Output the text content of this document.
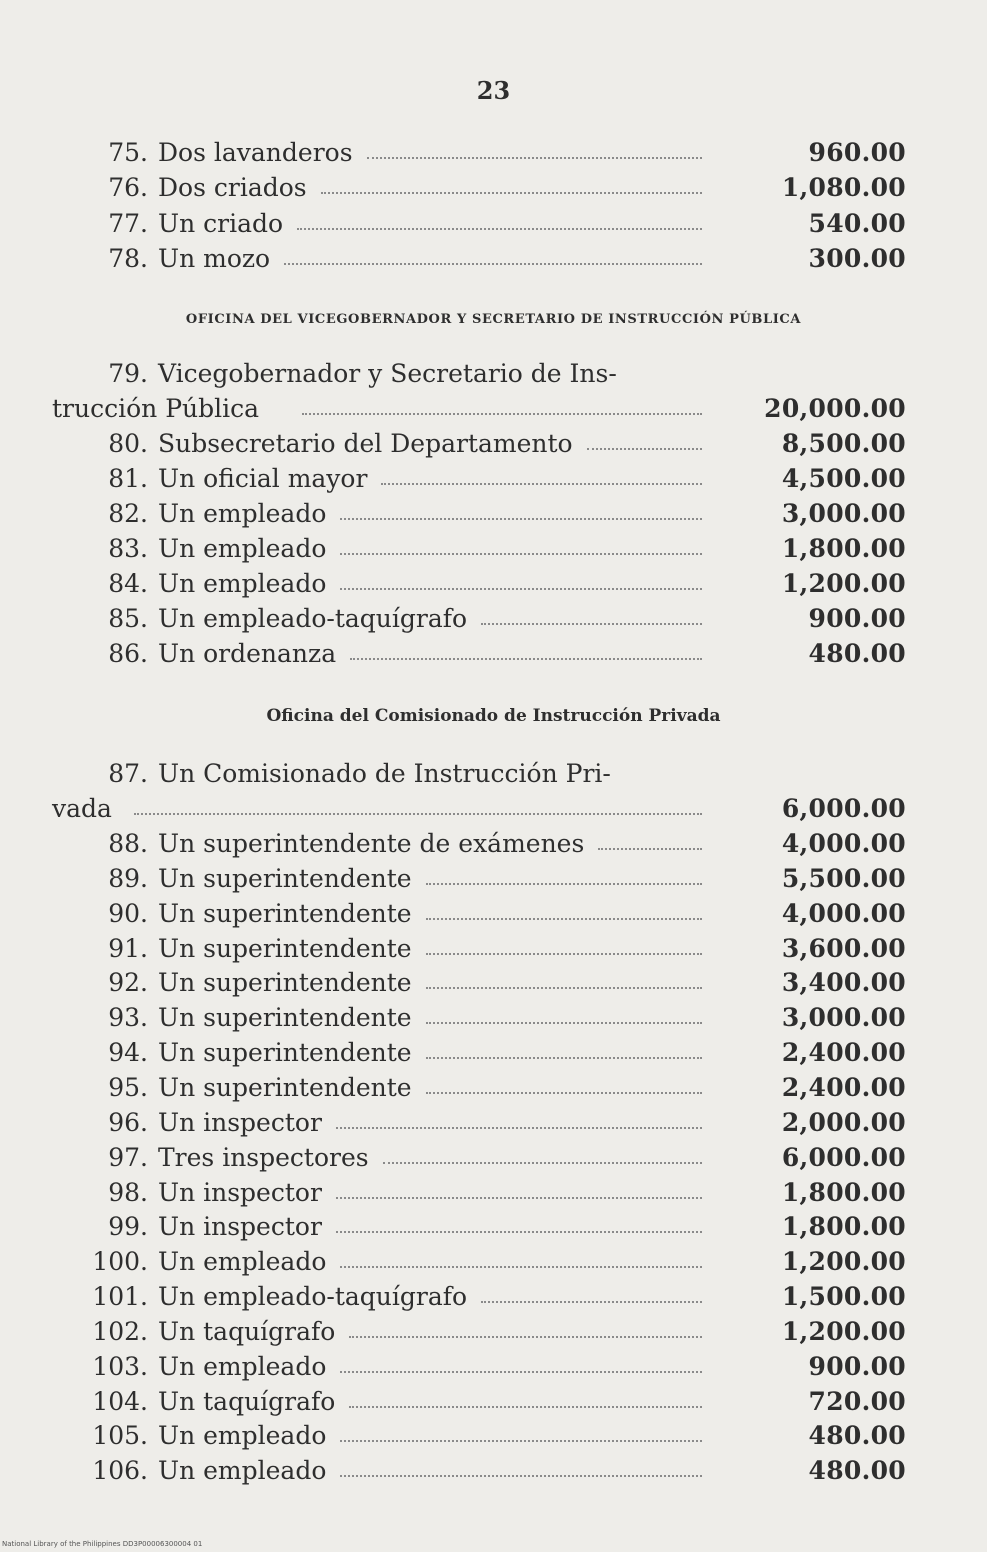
23
75. Dos lavanderos	960.00
76. Dos criados	1,080.00
77. Un criado	540.00
78. Un mozo	300.00
OFICINA DEL VICEGOBERNADOR Y SECRETARIO DE INSTRUCCIÓN PÚBLICA
79. Vicegobernador y Secretario de Ins-
trucción Pública	20,000.00
80. Subsecretario del Departamento	8,500.00
81. Un oficial mayor	4,500.00
82. Un empleado	3,000.00
83. Un empleado	1,800.00
84. Un empleado	1,200.00
85. Un empleado-taquígrafo	900.00
86. Un ordenanza	480.00
Oficina del Comisionado de Instrucción Privada
87. Un Comisionado de Instrucción Pri-
vada	6,000.00
88. Un superintendente de exámenes	4,000.00
89. Un superintendente	5,500.00
90. Un superintendente	4,000.00
91. Un superintendente	3,600.00
92. Un superintendente	3,400.00
93. Un superintendente	3,000.00
94. Un superintendente	2,400.00
95. Un superintendente	2,400.00
96. Un inspector	2,000.00
97. Tres inspectores	6,000.00
98. Un inspector	1,800.00
99. Un inspector	1,800.00
100. Un empleado	1,200.00
101. Un empleado-taquígrafo	1,500.00
102. Un taquígrafo	1,200.00
103. Un empleado	900.00
104. Un taquígrafo	720.00
105. Un empleado	480.00
106. Un empleado	480.00
National Library of the Philippines DD3P00006300004 01
